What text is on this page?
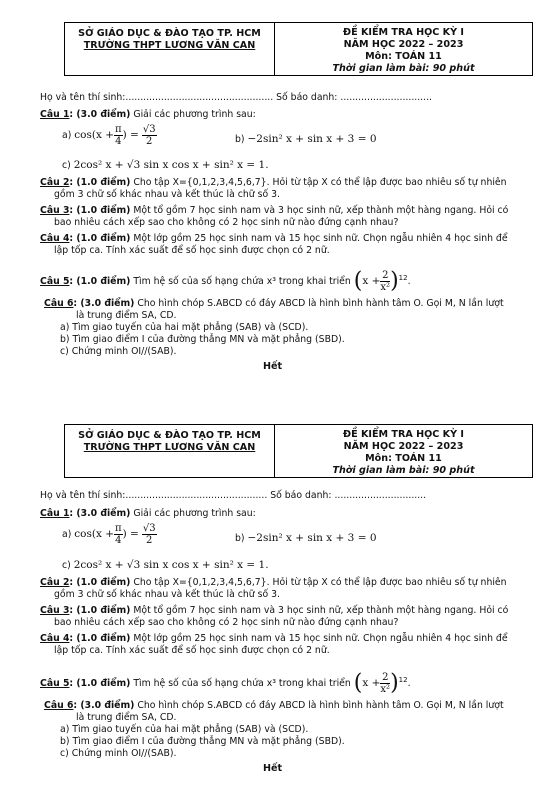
SỞ GIÁO DỤC & ĐÀO TẠO TP. HCM
TRƯỜNG THPT LƯƠNG VĂN CAN
ĐỀ KIỂM TRA HỌC KỲ I
NĂM HỌC 2022 – 2023
Môn: TOÁN 11
Thời gian làm bài: 90 phút
Họ và tên thí sinh:.................................................. Số báo danh: ...............................
Câu 1: (3.0 điểm) Giải các phương trình sau:
a) $\cos(x + \frac{\pi}{4}$ ) = $\frac{√3}{2}$	b) −2sin² x + sin x + 3 = 0
c) 2cos² x + √3 sin x cos x + sin² x = 1.
Câu 2: (1.0 điểm) Cho tập X={0,1,2,3,4,5,6,7}. Hỏi từ tập X có thể lập được bao nhiêu số tự nhiên
gồm 3 chữ số khác nhau và kết thúc là chữ số 3.
Câu 3: (1.0 điểm) Một tổ gồm 7 học sinh nam và 3 học sinh nữ, xếp thành một hàng ngang. Hỏi có
bao nhiêu cách xếp sao cho không có 2 học sinh nữ nào đứng cạnh nhau?
Câu 4: (1.0 điểm) Một lớp gồm 25 học sinh nam và 15 học sinh nữ. Chọn ngẫu nhiên 4 học sinh để
lập tốp ca. Tính xác suất để số học sinh được chọn có 2 nữ.
Câu 5: (1.0 điểm) Tìm hệ số của số hạng chứa x³ trong khai triển $(x + \frac{2}{\text{x²}} )^{12}$.
Câu 6: (3.0 điểm) Cho hình chóp S.ABCD có đáy ABCD là hình bình hành tâm O. Gọi M, N lần lượt
là trung điểm SA, CD.
a) Tìm giao tuyến của hai mặt phẳng (SAB) và (SCD).
b) Tìm giao điểm I của đường thẳng MN và mặt phẳng (SBD).
c) Chứng minh OI//(SAB).
Hết
SỞ GIÁO DỤC & ĐÀO TẠO TP. HCM
TRƯỜNG THPT LƯƠNG VĂN CAN
ĐỀ KIỂM TRA HỌC KỲ I
NĂM HỌC 2022 – 2023
Môn: TOÁN 11
Thời gian làm bài: 90 phút
Họ và tên thí sinh:................................................ Số báo danh: ...............................
Câu 1: (3.0 điểm) Giải các phương trình sau:
a) $\cos(x + \frac{\pi}{4}$ ) = $\frac{√3}{2}$	b) −2sin² x + sin x + 3 = 0
c) 2cos² x + √3 sin x cos x + sin² x = 1.
Câu 2: (1.0 điểm) Cho tập X={0,1,2,3,4,5,6,7}. Hỏi từ tập X có thể lập được bao nhiêu số tự nhiên
gồm 3 chữ số khác nhau và kết thúc là chữ số 3.
Câu 3: (1.0 điểm) Một tổ gồm 7 học sinh nam và 3 học sinh nữ, xếp thành một hàng ngang. Hỏi có
bao nhiêu cách xếp sao cho không có 2 học sinh nữ nào đứng cạnh nhau?
Câu 4: (1.0 điểm) Một lớp gồm 25 học sinh nam và 15 học sinh nữ. Chọn ngẫu nhiên 4 học sinh để
lập tốp ca. Tính xác suất để số học sinh được chọn có 2 nữ.
Câu 5: (1.0 điểm) Tìm hệ số của số hạng chứa x³ trong khai triển $(x + \frac{2}{\text{x²}} )^{12}$.
Câu 6: (3.0 điểm) Cho hình chóp S.ABCD có đáy ABCD là hình bình hành tâm O. Gọi M, N lần lượt
là trung điểm SA, CD.
a) Tìm giao tuyến của hai mặt phẳng (SAB) và (SCD).
b) Tìm giao điểm I của đường thẳng MN và mặt phẳng (SBD).
c) Chứng minh OI//(SAB).
Hết
